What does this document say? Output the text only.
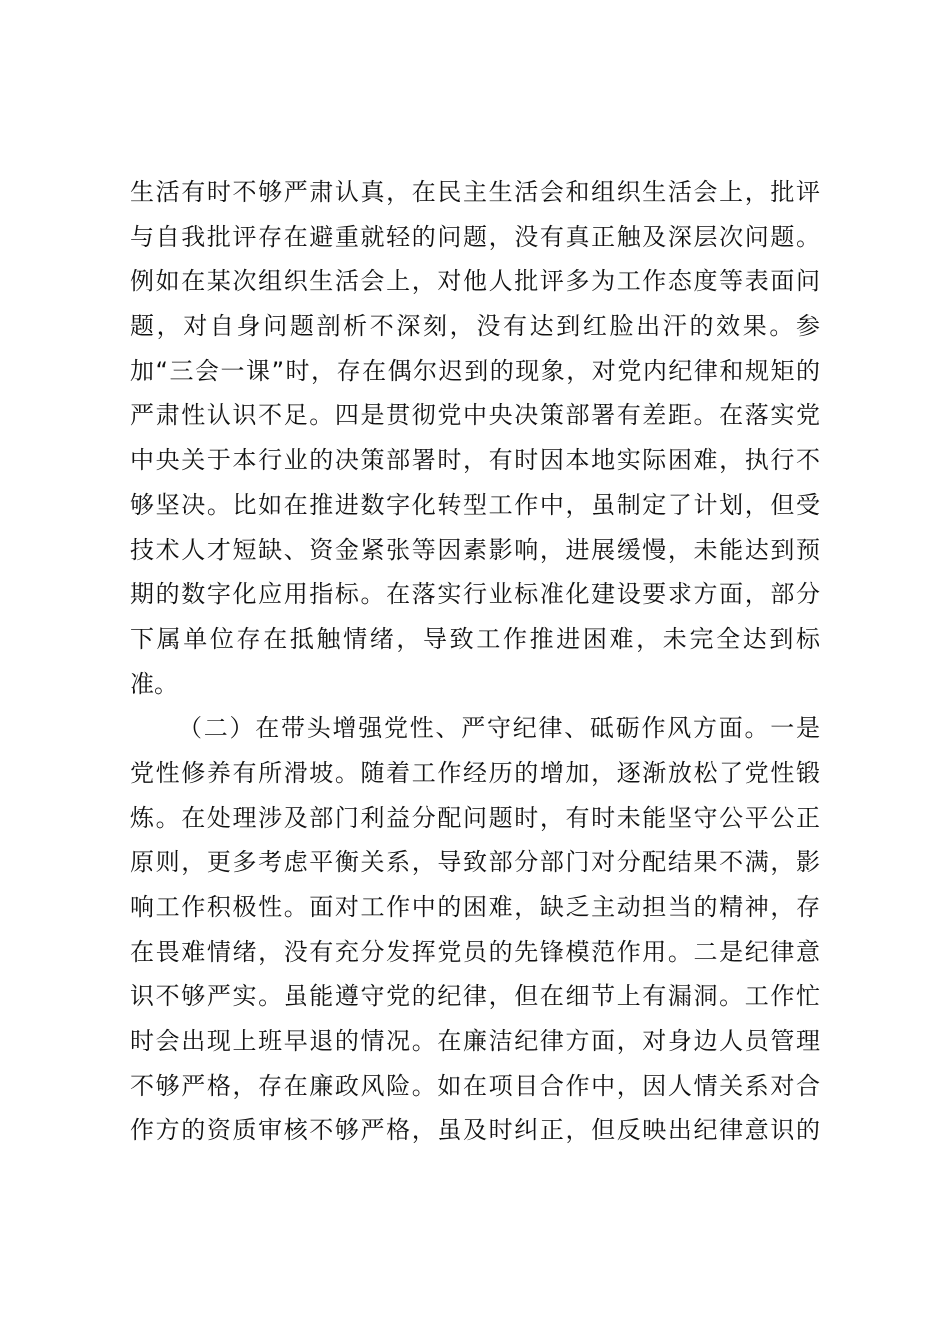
生活有时不够严肃认真，在民主生活会和组织生活会上，批评
与自我批评存在避重就轻的问题，没有真正触及深层次问题。
例如在某次组织生活会上，对他人批评多为工作态度等表面问
题，对自身问题剖析不深刻，没有达到红脸出汗的效果。参
加“三会一课”时，存在偶尔迟到的现象，对党内纪律和规矩的
严肃性认识不足。四是贯彻党中央决策部署有差距。在落实党
中央关于本行业的决策部署时，有时因本地实际困难，执行不
够坚决。比如在推进数字化转型工作中，虽制定了计划，但受
技术人才短缺、资金紧张等因素影响，进展缓慢，未能达到预
期的数字化应用指标。在落实行业标准化建设要求方面，部分
下属单位存在抵触情绪，导致工作推进困难，未完全达到标
准。
（二）在带头增强党性、严守纪律、砥砺作风方面。一是
党性修养有所滑坡。随着工作经历的增加，逐渐放松了党性锻
炼。在处理涉及部门利益分配问题时，有时未能坚守公平公正
原则，更多考虑平衡关系，导致部分部门对分配结果不满，影
响工作积极性。面对工作中的困难，缺乏主动担当的精神，存
在畏难情绪，没有充分发挥党员的先锋模范作用。二是纪律意
识不够严实。虽能遵守党的纪律，但在细节上有漏洞。工作忙
时会出现上班早退的情况。在廉洁纪律方面，对身边人员管理
不够严格，存在廉政风险。如在项目合作中，因人情关系对合
作方的资质审核不够严格，虽及时纠正，但反映出纪律意识的
